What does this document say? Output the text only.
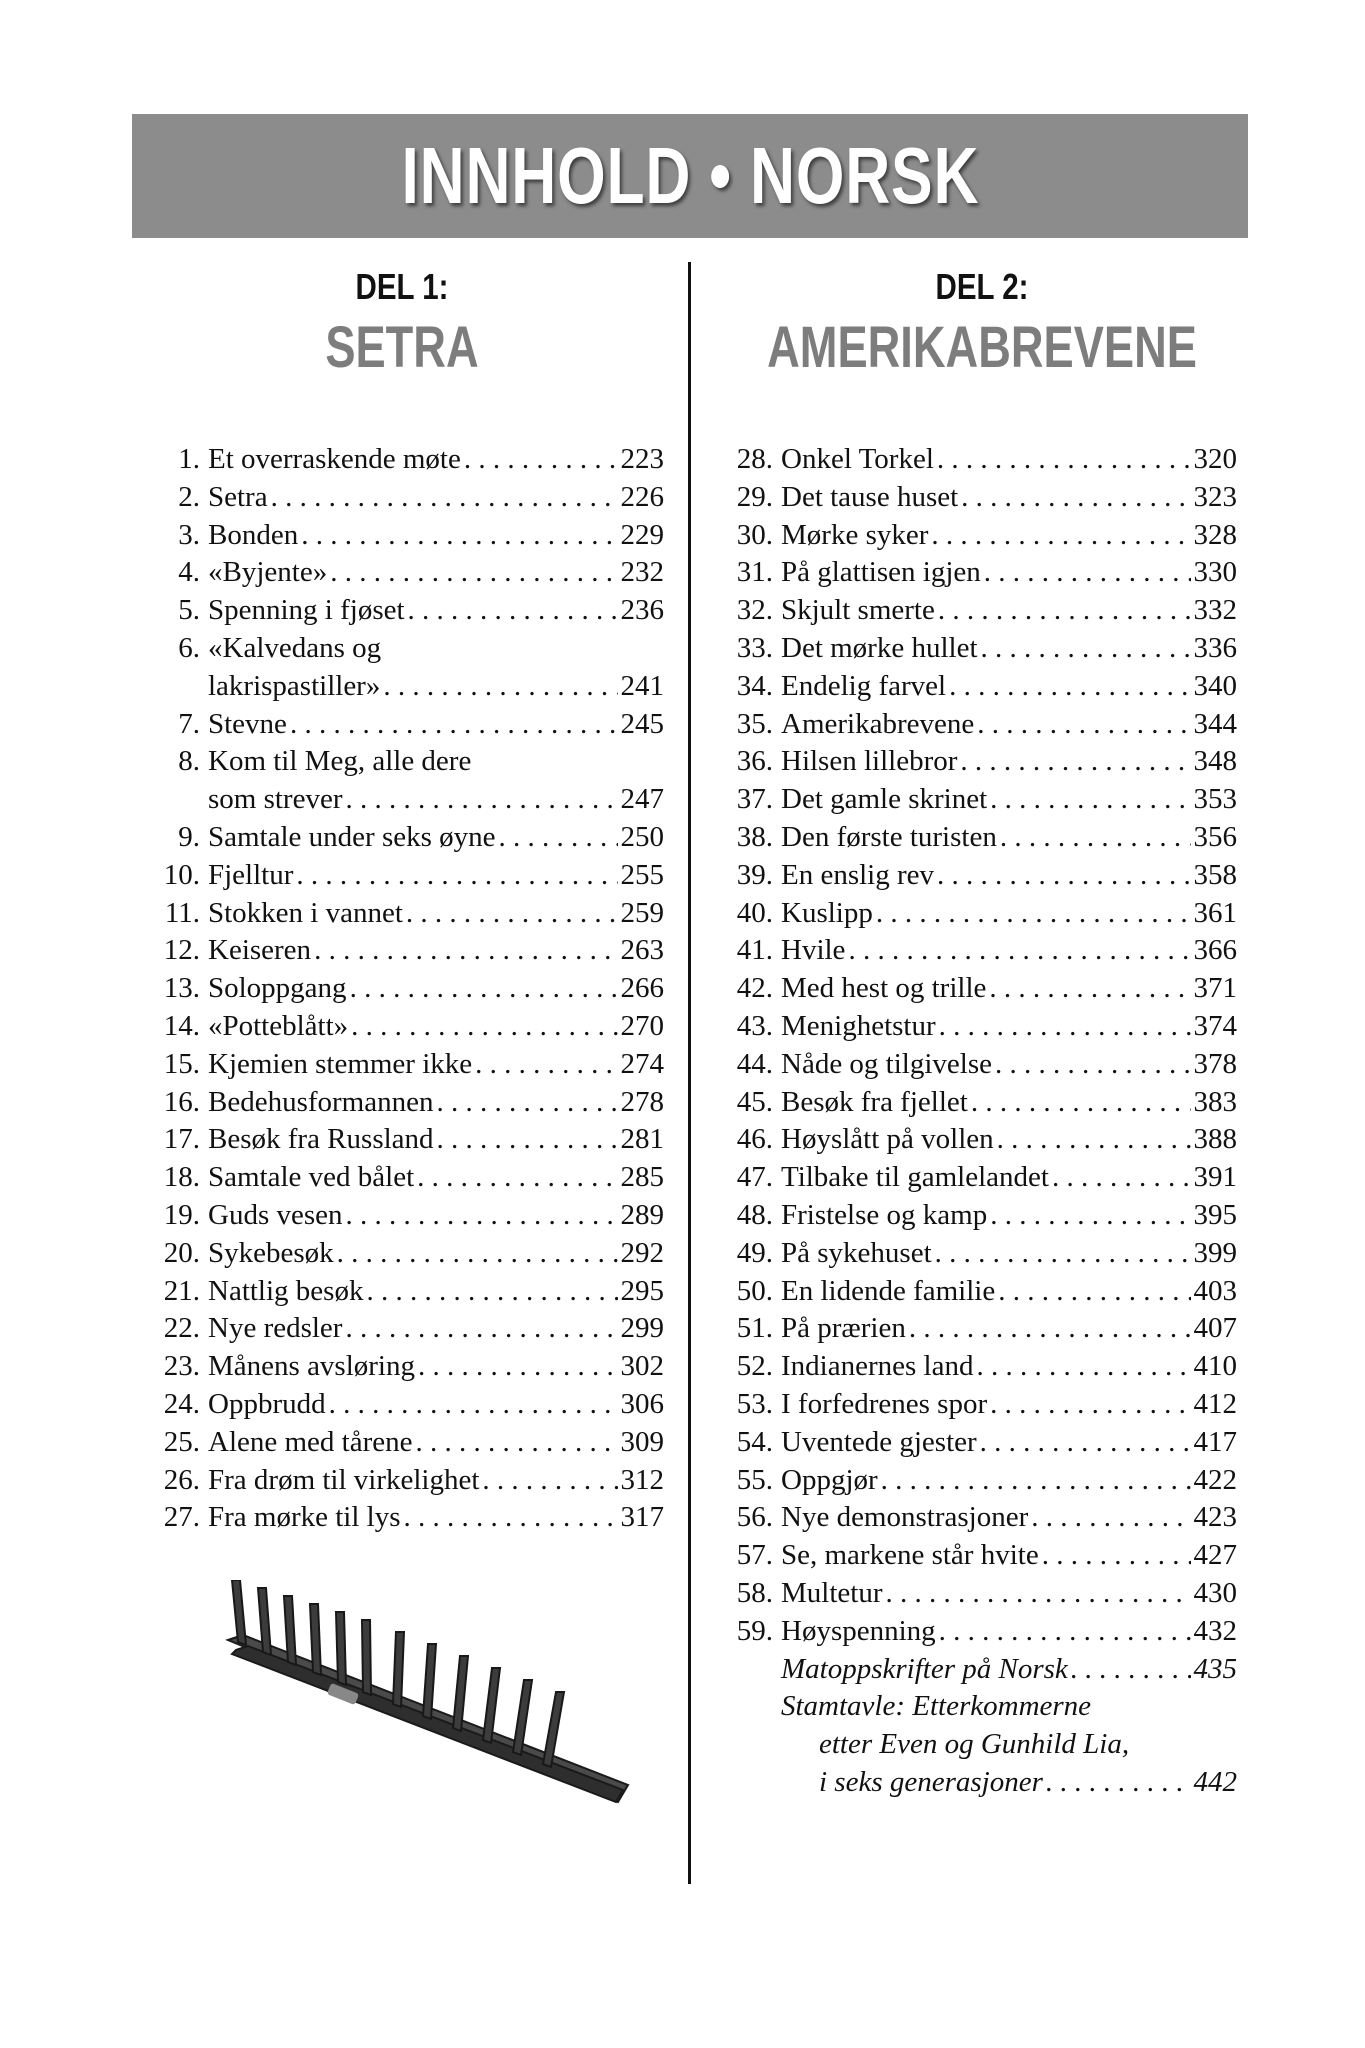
INNHOLD • NORSK
DEL 1:
SETRA
DEL 2:
AMERIKABREVENE
1. Et overraskende møte . . .	223
2. Setra . . .	226
3. Bonden . . .	229
4. «Byjente» . . .	232
5. Spenning i fjøset . . .	236
6. «Kalvedans og
lakrispastiller» . . .	241
7. Stevne . . .	245
8. Kom til Meg, alle dere
som strever . . .	247
9. Samtale under seks øyne . . .	250
10. Fjelltur . . .	255
11. Stokken i vannet . . .	259
12. Keiseren . . .	263
13. Soloppgang . . .	266
14. «Potteblått» . . .	270
15. Kjemien stemmer ikke . . .	274
16. Bedehusformannen . . .	278
17. Besøk fra Russland . . .	281
18. Samtale ved bålet . . .	285
19. Guds vesen . . .	289
20. Sykebesøk . . .	292
21. Nattlig besøk . . .	295
22. Nye redsler . . .	299
23. Månens avsløring . . .	302
24. Oppbrudd . . .	306
25. Alene med tårene . . .	309
26. Fra drøm til virkelighet . . .	312
27. Fra mørke til lys . . .	317
28. Onkel Torkel . . .	320
29. Det tause huset . . .	323
30. Mørke syker . . .	328
31. På glattisen igjen . . .	330
32. Skjult smerte . . .	332
33. Det mørke hullet . . .	336
34. Endelig farvel . . .	340
35. Amerikabrevene . . .	344
36. Hilsen lillebror . . .	348
37. Det gamle skrinet . . .	353
38. Den første turisten . . .	356
39. En enslig rev . . .	358
40. Kuslipp . . .	361
41. Hvile . . .	366
42. Med hest og trille . . .	371
43. Menighetstur . . .	374
44. Nåde og tilgivelse . . .	378
45. Besøk fra fjellet . . .	383
46. Høyslått på vollen . . .	388
47. Tilbake til gamlelandet . . .	391
48. Fristelse og kamp . . .	395
49. På sykehuset . . .	399
50. En lidende familie . . .	403
51. På prærien . . .	407
52. Indianernes land . . .	410
53. I forfedrenes spor . . .	412
54. Uventede gjester . . .	417
55. Oppgjør . . .	422
56. Nye demonstrasjoner . . .	423
57. Se, markene står hvite . . .	427
58. Multetur . . .	430
59. Høyspenning . . .	432
Matoppskrifter på Norsk . . .	435
Stamtavle: Etterkommerne
etter Even og Gunhild Lia,
i seks generasjoner . . .	442
